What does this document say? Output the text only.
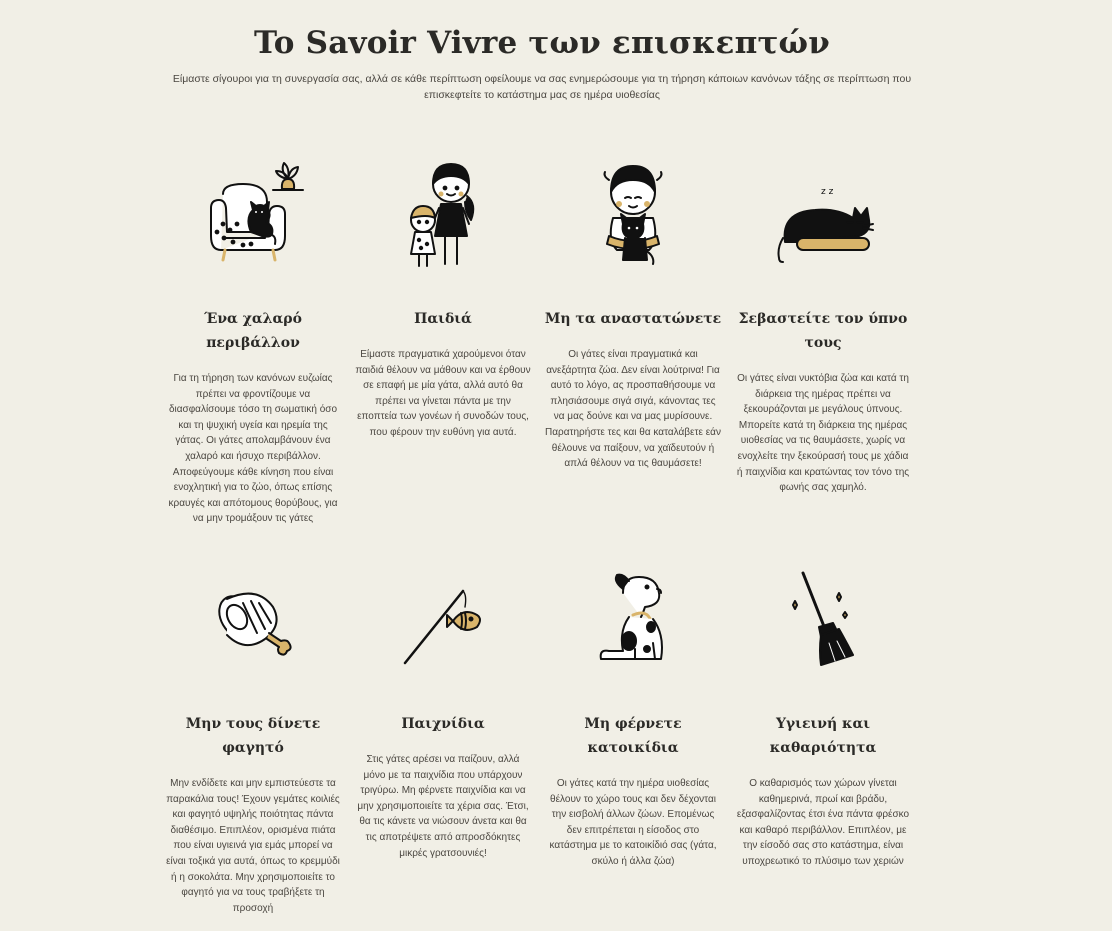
To Savoir Vivre των επισκεπτών

Είμαστε σίγουροι για τη συνεργασία σας, αλλά σε κάθε περίπτωση οφείλουμε να σας ενημερώσουμε για τη τήρηση κάποιων κανόνων τάξης σε περίπτωση που επισκεφτείτε το κατάστημα μας σε ημέρα υιοθεσίας

Ένα χαλαρό περιβάλλον
Για τη τήρηση των κανόνων ευζωίας πρέπει να φροντίζουμε να διασφαλίσουμε τόσο τη σωματική όσο και τη ψυχική υγεία και ηρεμία της γάτας. Οι γάτες απολαμβάνουν ένα χαλαρό και ήσυχο περιβάλλον. Αποφεύγουμε κάθε κίνηση που είναι ενοχλητική για το ζώο, όπως επίσης κραυγές και απότομους θορύβους, για να μην τρομάξουν τις γάτες
Παιδιά
Είμαστε πραγματικά χαρούμενοι όταν παιδιά θέλουν να μάθουν και να έρθουν σε επαφή με μία γάτα, αλλά αυτό θα πρέπει να γίνεται πάντα με την εποπτεία των γονέων ή συνοδών τους, που φέρουν την ευθύνη για αυτά.
Μη τα αναστατώνετε
Οι γάτες είναι πραγματικά και ανεξάρτητα ζώα. Δεν είναι λούτρινα! Για αυτό το λόγο, ας προσπαθήσουμε να πλησιάσουμε σιγά σιγά, κάνοντας τες να μας δούνε και να μας μυρίσουνε. Παρατηρήστε τες και θα καταλάβετε εάν θέλουνε να παίξουν, να χαϊδευτούν ή απλά θέλουν να τις θαυμάσετε!
z z
Σεβαστείτε τον ύπνο τους
Οι γάτες είναι νυκτόβια ζώα και κατά τη διάρκεια της ημέρας πρέπει να ξεκουράζονται με μεγάλους ύπνους. Μπορείτε κατά τη διάρκεια της ημέρας υιοθεσίας να τις θαυμάσετε, χωρίς να ενοχλείτε την ξεκούρασή τους με χάδια ή παιχνίδια και κρατώντας τον τόνο της φωνής σας χαμηλό.
Μην τους δίνετε φαγητό
Μην ενδίδετε και μην εμπιστεύεστε τα παρακάλια τους! Έχουν γεμάτες κοιλιές και φαγητό υψηλής ποιότητας πάντα διαθέσιμο. Επιπλέον, ορισμένα πιάτα που είναι υγιεινά για εμάς μπορεί να είναι τοξικά για αυτά, όπως το κρεμμύδι ή η σοκολάτα. Μην χρησιμοποιείτε το φαγητό για να τους τραβήξετε τη προσοχή
Παιχνίδια
Στις γάτες αρέσει να παίζουν, αλλά μόνο με τα παιχνίδια που υπάρχουν τριγύρω. Μη φέρνετε παιχνίδια και να μην χρησιμοποιείτε τα χέρια σας. Έτσι, θα τις κάνετε να νιώσουν άνετα και θα τις αποτρέψετε από απροσδόκητες μικρές γρατσουνιές!
Μη φέρνετε κατοικίδια
Οι γάτες κατά την ημέρα υιοθεσίας θέλουν το χώρο τους και δεν δέχονται την εισβολή άλλων ζώων. Επομένως δεν επιτρέπεται η είσοδος στο κατάστημα με το κατοικίδιό σας (γάτα, σκύλο ή άλλα ζώα)
Υγιεινή και καθαριότητα
Ο καθαρισμός των χώρων γίνεται καθημερινά, πρωί και βράδυ, εξασφαλίζοντας έτσι ένα πάντα φρέσκο και καθαρό περιβάλλον. Επιπλέον, με την είσοδό σας στο κατάστημα, είναι υποχρεωτικό το πλύσιμο των χεριών
